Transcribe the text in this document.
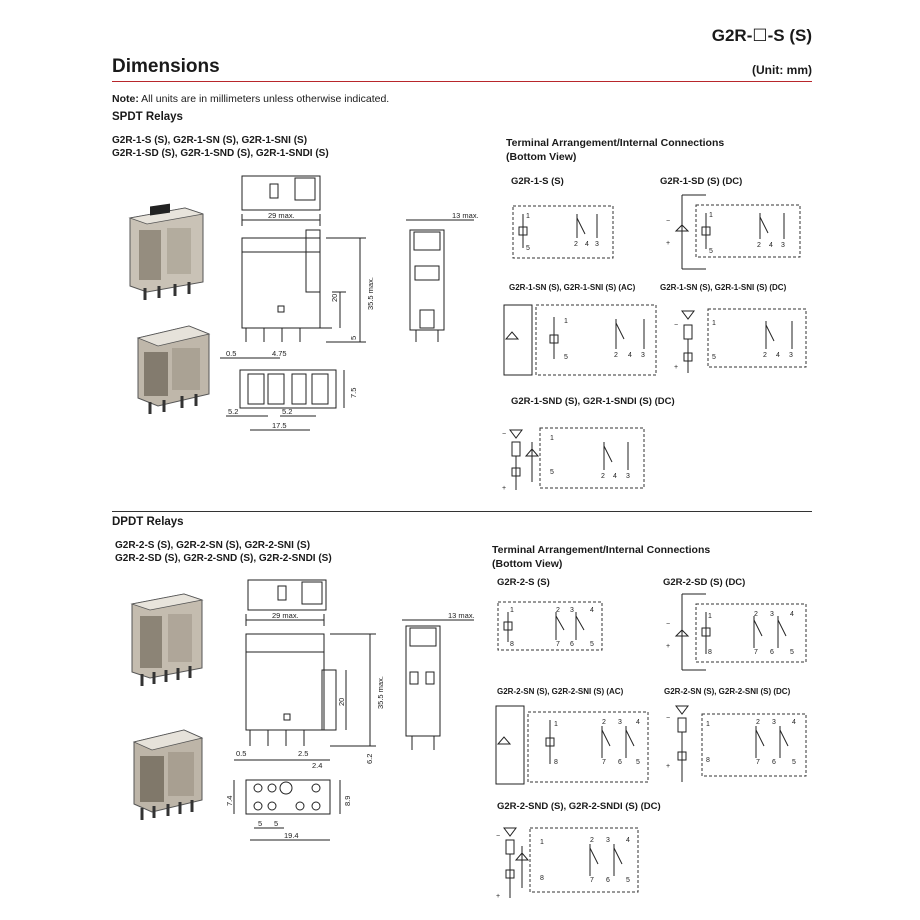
G2R-☐-S (S)
Dimensions	(Unit: mm)
Note: All units are in millimeters unless otherwise indicated.
SPDT Relays
G2R-1-S (S), G2R-1-SN (S), G2R-1-SNI (S)
G2R-1-SD (S), G2R-1-SND (S), G2R-1-SNDI (S)
Terminal Arrangement/Internal Connections
(Bottom View)
G2R-1-S (S)	G2R-1-SD (S) (DC)
G2R-1-SN (S), G2R-1-SNI (S) (AC)	G2R-1-SN (S), G2R-1-SNI (S) (DC)
G2R-1-SND (S), G2R-1-SNDI (S) (DC)
DPDT Relays
G2R-2-S (S), G2R-2-SN (S), G2R-2-SNI (S)
G2R-2-SD (S), G2R-2-SND (S), G2R-2-SNDI (S)
Terminal Arrangement/Internal Connections
(Bottom View)
G2R-2-S (S)	G2R-2-SD (S) (DC)
G2R-2-SN (S), G2R-2-SNI (S) (AC)	G2R-2-SN (S), G2R-2-SNI (S) (DC)
G2R-2-SND (S), G2R-2-SNDI (S) (DC)
29 max.	13 max.
35.5 max.
20
5
0.5	4.75
7.5
5.2	5.2
17.5
29 max.	13 max.
35.5 max.
20
6.2
0.5	2.5
2.4
7.4	8.9
5 5
19.4
1
5
2 4 3
1
5
2 4 3
−
+
1
5	2 4 3
1
5	2 4 3
−
+
1
5
2 4 3
−
+
1
8
2 3 4
7 6 5
1
8
2 3 4
7 6 5
−
+
1
8
2 3 4
7 6 5
1
8
2 3 4
7 6 5
−
+
1
8
2 3 4
7 6 5
−
+
